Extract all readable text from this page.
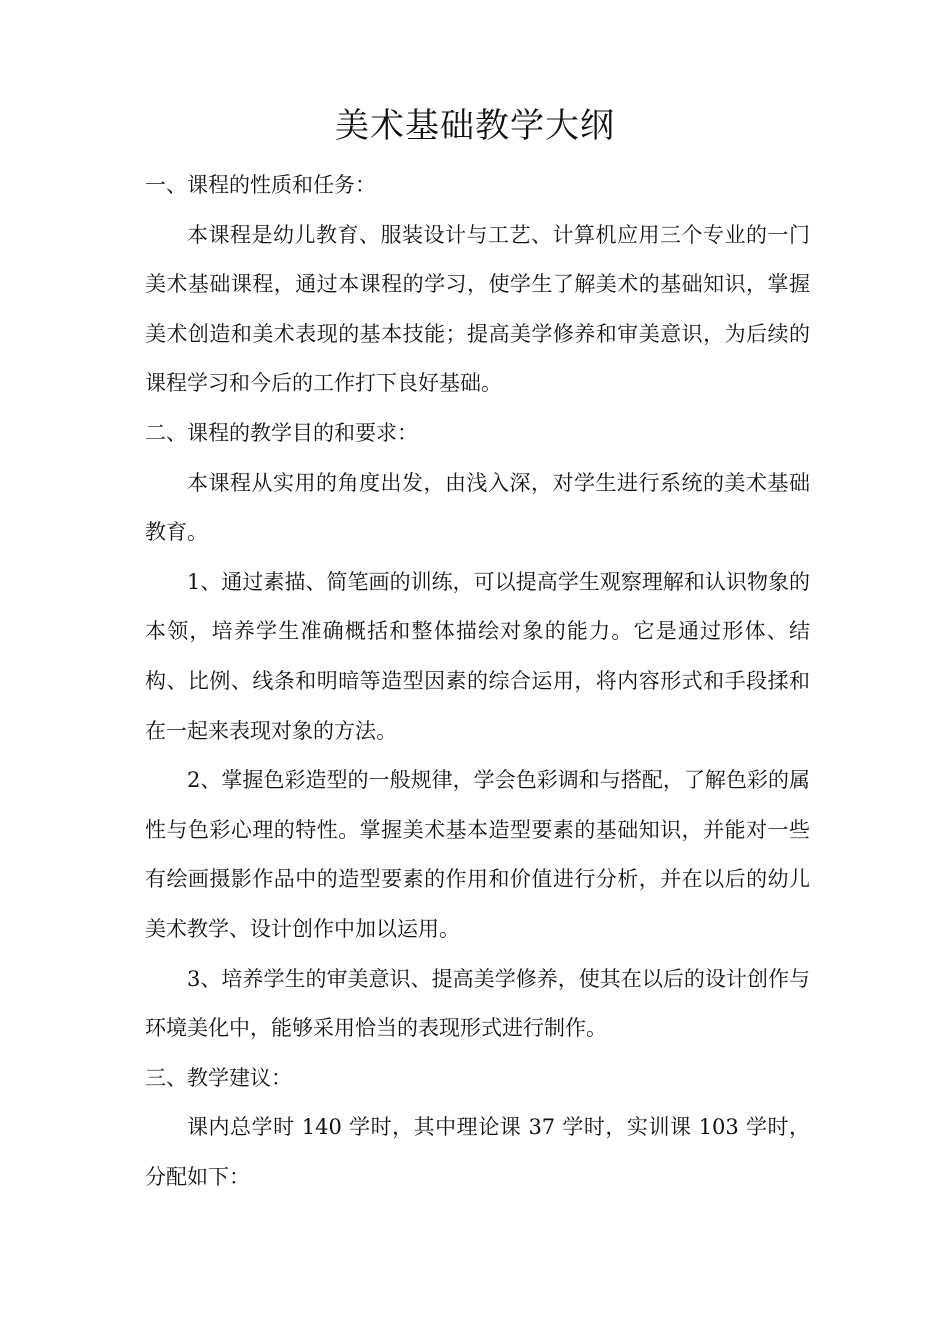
美术基础教学大纲

一、课程的性质和任务：

本课程是幼儿教育、服装设计与工艺、计算机应用三个专业的一门美术基础课程，通过本课程的学习，使学生了解美术的基础知识，掌握美术创造和美术表现的基本技能；提高美学修养和审美意识，为后续的课程学习和今后的工作打下良好基础。

二、课程的教学目的和要求：

本课程从实用的角度出发，由浅入深，对学生进行系统的美术基础教育。

1、通过素描、简笔画的训练，可以提高学生观察理解和认识物象的本领，培养学生准确概括和整体描绘对象的能力。它是通过形体、结构、比例、线条和明暗等造型因素的综合运用，将内容形式和手段揉和在一起来表现对象的方法。

2、掌握色彩造型的一般规律，学会色彩调和与搭配，了解色彩的属性与色彩心理的特性。掌握美术基本造型要素的基础知识，并能对一些有绘画摄影作品中的造型要素的作用和价值进行分析，并在以后的幼儿美术教学、设计创作中加以运用。

3、培养学生的审美意识、提高美学修养，使其在以后的设计创作与环境美化中，能够采用恰当的表现形式进行制作。

三、教学建议：

课内总学时 140 学时，其中理论课 37 学时，实训课 103 学时，分配如下：
